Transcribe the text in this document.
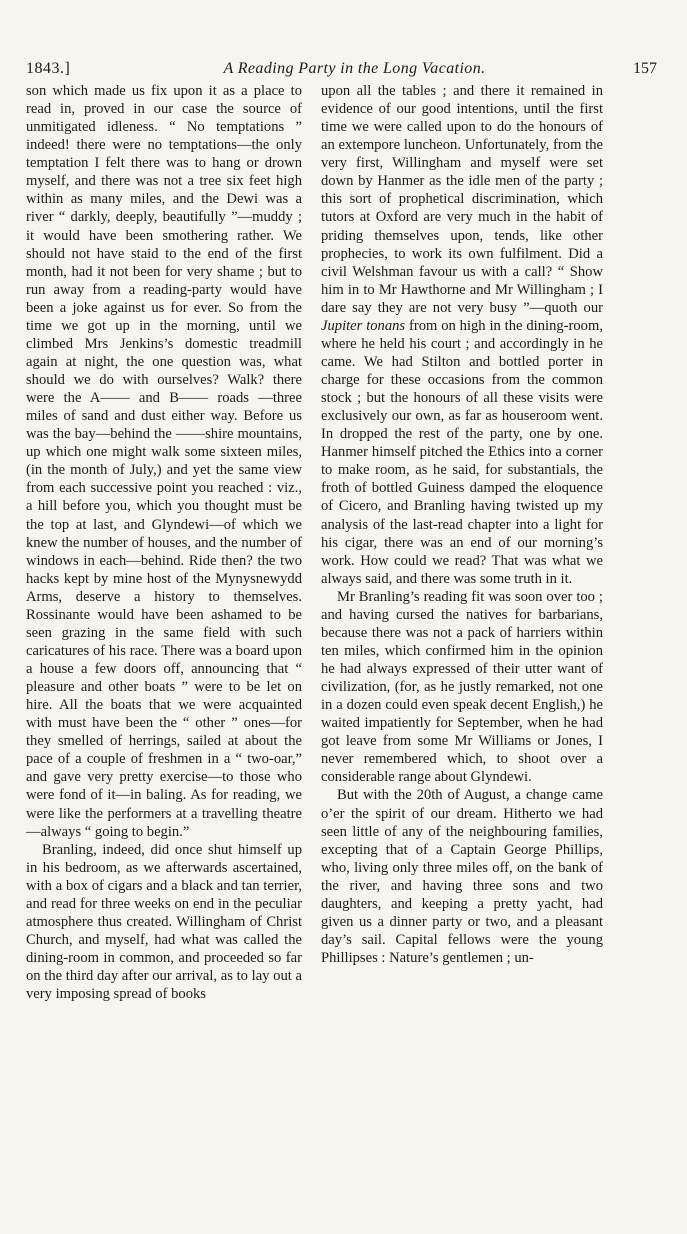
1843.]	A Reading Party in the Long Vacation.	157

son which made us fix upon it as a place to read in, proved in our case the source of unmitigated idleness. “ No temptations ” indeed! there were no temptations—the only temptation I felt there was to hang or drown myself, and there was not a tree six feet high within as many miles, and the Dewi was a river “ darkly, deeply, beautifully ”—muddy ; it would have been smothering rather. We should not have staid to the end of the first month, had it not been for very shame ; but to run away from a reading-party would have been a joke against us for ever. So from the time we got up in the morning, until we climbed Mrs Jenkins’s domestic treadmill again at night, the one question was, what should we do with ourselves? Walk? there were the A—— and B—— roads —three miles of sand and dust either way. Before us was the bay—behind the ——shire mountains, up which one might walk some sixteen miles, (in the month of July,) and yet the same view from each successive point you reached : viz., a hill before you, which you thought must be the top at last, and Glyndewi—of which we knew the number of houses, and the number of windows in each—behind. Ride then? the two hacks kept by mine host of the Mynysnewydd Arms, deserve a history to themselves. Rossinante would have been ashamed to be seen grazing in the same field with such caricatures of his race. There was a board upon a house a few doors off, announcing that “ pleasure and other boats ” were to be let on hire. All the boats that we were acquainted with must have been the “ other ” ones—for they smelled of herrings, sailed at about the pace of a couple of freshmen in a “ two-oar,” and gave very pretty exercise—to those who were fond of it—in baling. As for reading, we were like the performers at a travelling theatre—always “ going to begin.”

Branling, indeed, did once shut himself up in his bedroom, as we afterwards ascertained, with a box of cigars and a black and tan terrier, and read for three weeks on end in the peculiar atmosphere thus created. Willingham of Christ Church, and myself, had what was called the dining-room in common, and proceeded so far on the third day after our arrival, as to lay out a very imposing spread of books

upon all the tables ; and there it remained in evidence of our good intentions, until the first time we were called upon to do the honours of an extempore luncheon. Unfortunately, from the very first, Willingham and myself were set down by Hanmer as the idle men of the party ; this sort of prophetical discrimination, which tutors at Oxford are very much in the habit of priding themselves upon, tends, like other prophecies, to work its own fulfilment. Did a civil Welshman favour us with a call? “ Show him in to Mr Hawthorne and Mr Willingham ; I dare say they are not very busy ”—quoth our Jupiter tonans from on high in the dining-room, where he held his court ; and accordingly in he came. We had Stilton and bottled porter in charge for these occasions from the common stock ; but the honours of all these visits were exclusively our own, as far as houseroom went. In dropped the rest of the party, one by one. Hanmer himself pitched the Ethics into a corner to make room, as he said, for substantials, the froth of bottled Guiness damped the eloquence of Cicero, and Branling having twisted up my analysis of the last-read chapter into a light for his cigar, there was an end of our morning’s work. How could we read? That was what we always said, and there was some truth in it.

Mr Branling’s reading fit was soon over too ; and having cursed the natives for barbarians, because there was not a pack of harriers within ten miles, which confirmed him in the opinion he had always expressed of their utter want of civilization, (for, as he justly remarked, not one in a dozen could even speak decent English,) he waited impatiently for September, when he had got leave from some Mr Williams or Jones, I never remembered which, to shoot over a considerable range about Glyndewi.

But with the 20th of August, a change came o’er the spirit of our dream. Hitherto we had seen little of any of the neighbouring families, excepting that of a Captain George Phillips, who, living only three miles off, on the bank of the river, and having three sons and two daughters, and keeping a pretty yacht, had given us a dinner party or two, and a pleasant day’s sail. Capital fellows were the young Phillipses : Nature’s gentlemen ; un-
